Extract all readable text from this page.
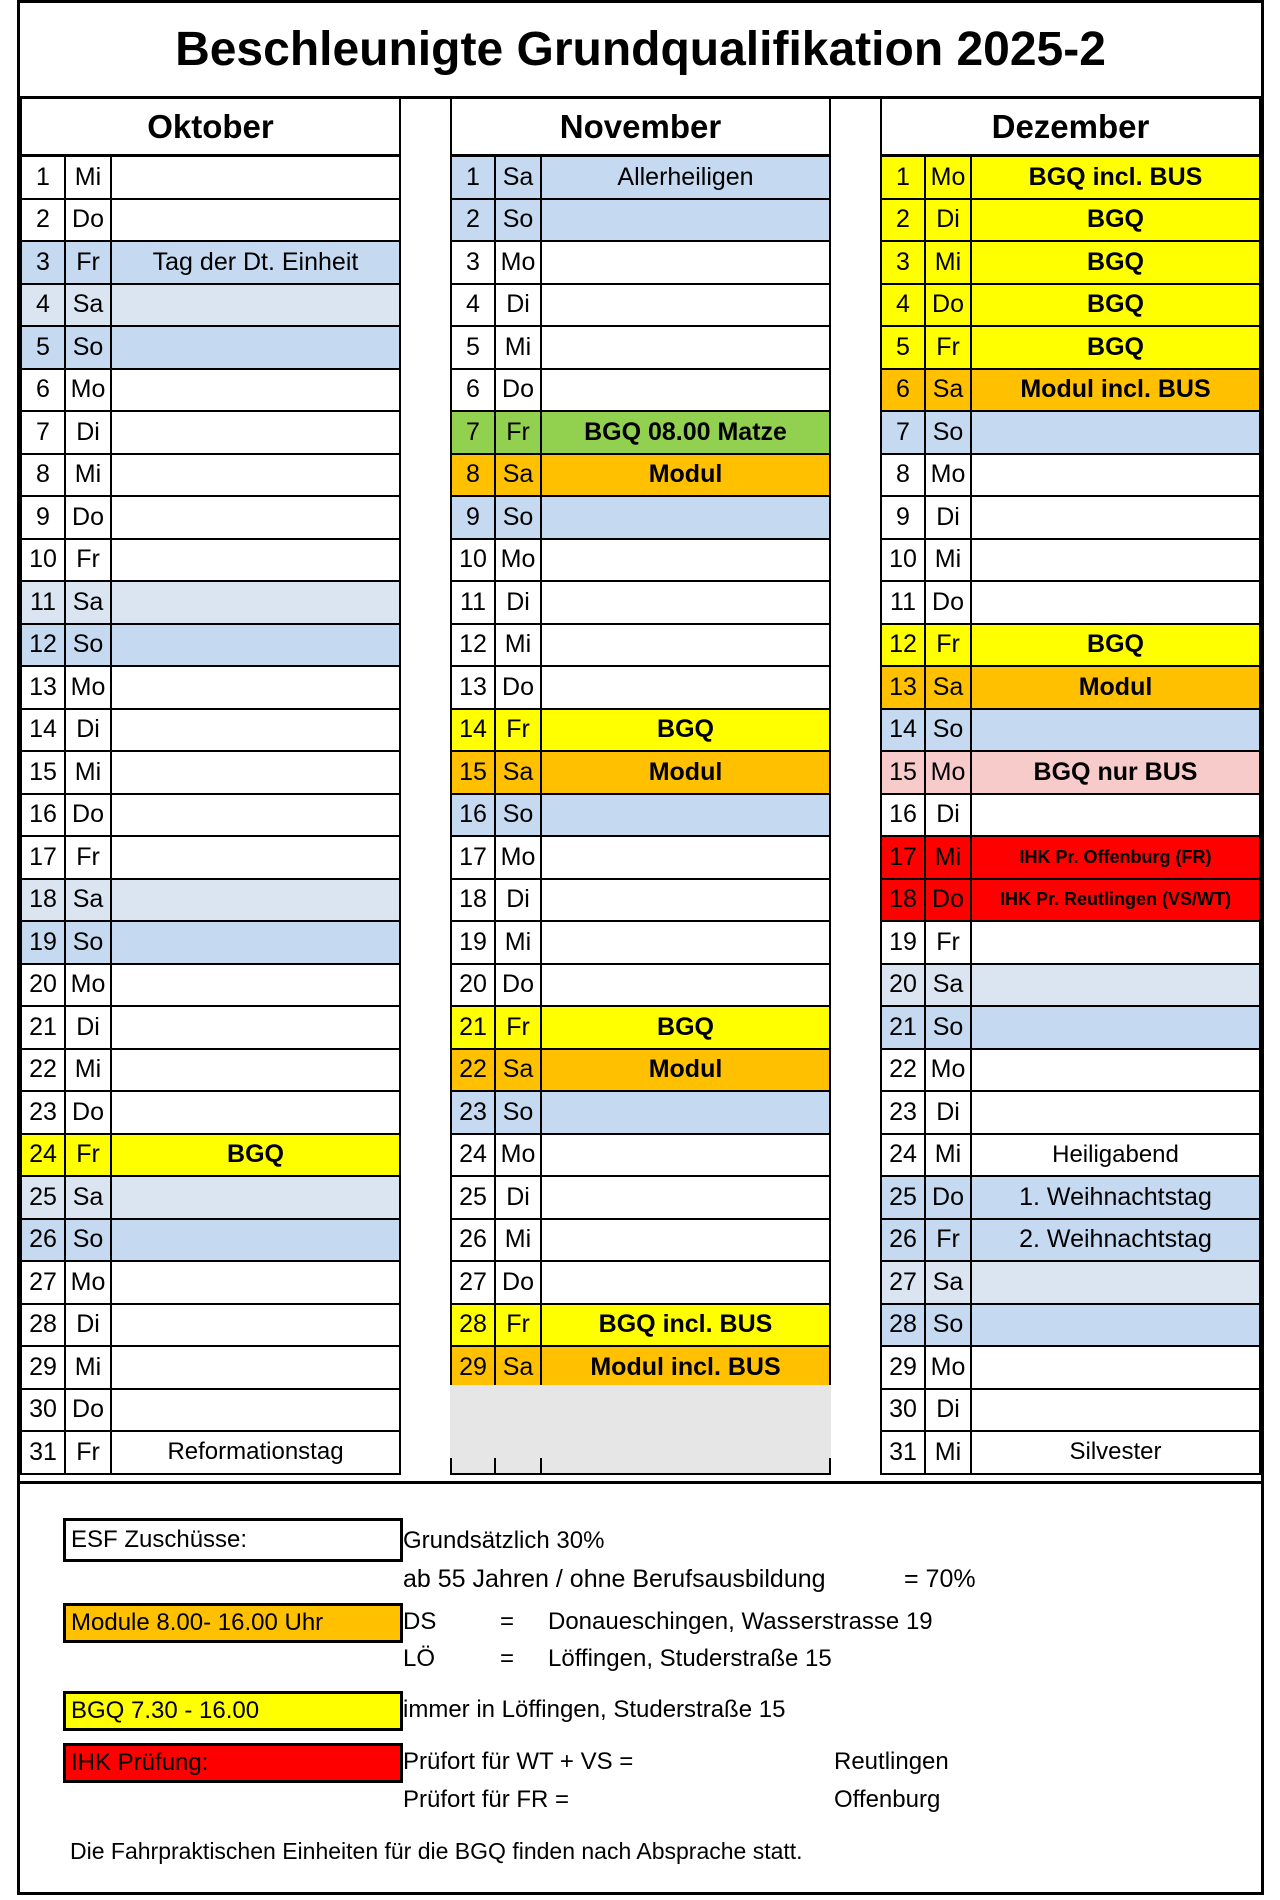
Beschleunigte Grundqualifikation 2025-2
Oktober
1 Mi
2 Do
3	Fr	Tag der Dt. Einheit
4 Sa
5 So
6 Mo
7	Di
8 Mi
9 Do
10 Fr
11 Sa
12 So
13 Mo
14 Di
15 Mi
16 Do
17 Fr
18 Sa
19 So
20 Mo
21 Di
22 Mi
23 Do
24 Fr	BGQ
25 Sa
26 So
27 Mo
28 Di
29 Mi
30 Do
31 Fr	Reformationstag
November
1 Sa	Allerheiligen
2 So
3 Mo
4	Di
5 Mi
6 Do
7	Fr	BGQ 08.00 Matze
8 Sa	Modul
9 So
10 Mo
11 Di
12 Mi
13 Do
14 Fr	BGQ
15 Sa	Modul
16 So
17 Mo
18 Di
19 Mi
20 Do
21 Fr	BGQ
22 Sa	Modul
23 So
24 Mo
25 Di
26 Mi
27 Do
28 Fr	BGQ incl. BUS
29 Sa	Modul incl. BUS
Dezember
1 Mo	BGQ incl. BUS
2	Di	BGQ
3 Mi	BGQ
4 Do	BGQ
5	Fr	BGQ
6 Sa	Modul incl. BUS
7 So
8 Mo
9	Di
10 Mi
11 Do
12 Fr	BGQ
13 Sa	Modul
14 So
15 Mo	BGQ nur BUS
16 Di
17 Mi	IHK Pr. Offenburg (FR)
18 Do	IHK Pr. Reutlingen (VS/WT)
19 Fr
20 Sa
21 So
22 Mo
23 Di
24 Mi	Heiligabend
25 Do	1. Weihnachtstag
26 Fr	2. Weihnachtstag
27 Sa
28 So
29 Mo
30 Di
31 Mi	Silvester
ESF Zuschüsse:	Grundsätzlich 30%
ab 55 Jahren / ohne Berufsausbildung	= 70%
Module 8.00- 16.00 Uhr	DS	= Donaueschingen, Wasserstrasse 19
LÖ	= Löffingen, Studerstraße 15
BGQ 7.30 - 16.00	immer in Löffingen, Studerstraße 15
IHK Prüfung:	Prüfort für WT + VS =	Reutlingen
Prüfort für FR =	Offenburg
Die Fahrpraktischen Einheiten für die BGQ finden nach Absprache statt.
